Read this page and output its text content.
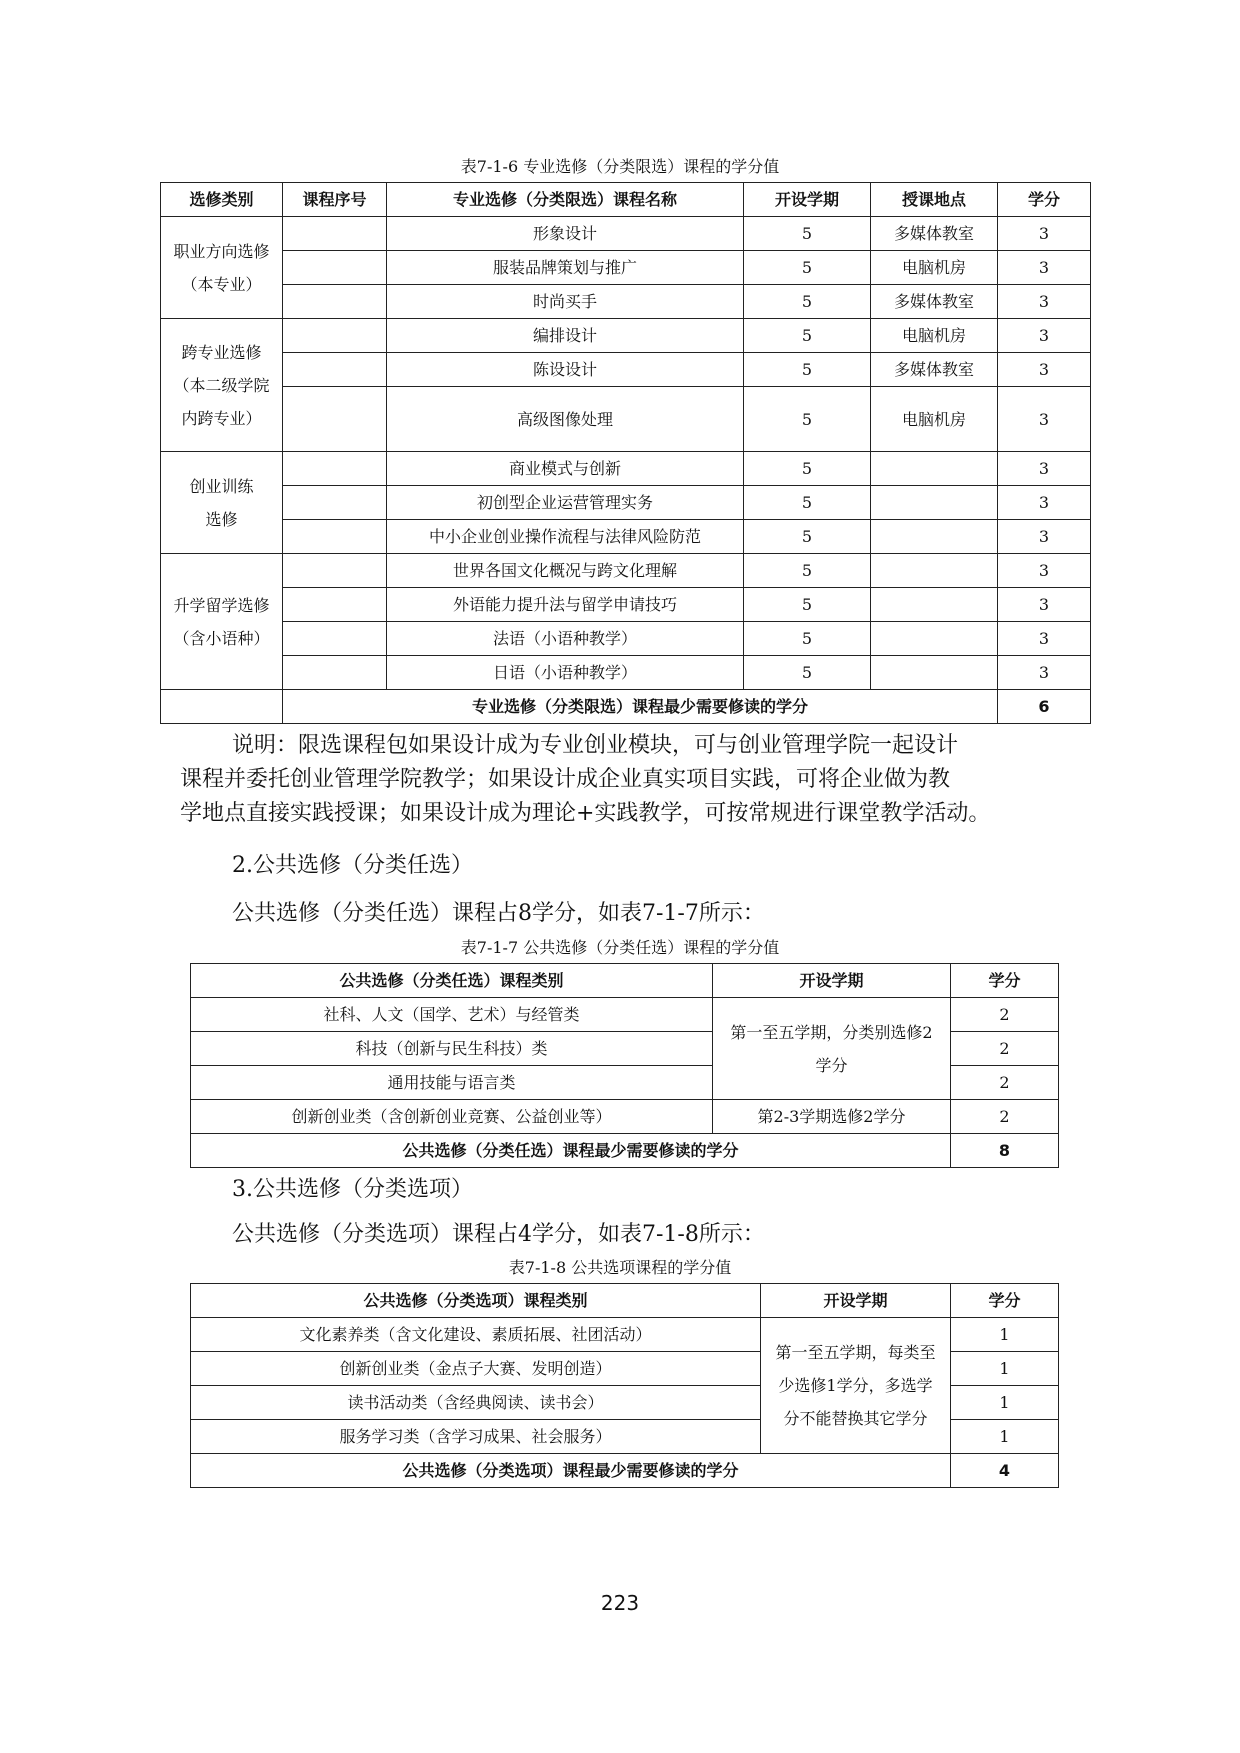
表7-1-6 专业选修（分类限选）课程的学分值
选修类别	课程序号	专业选修（分类限选）课程名称	开设学期	授课地点	学分
职业方向选修（本专业）		形象设计	5	多媒体教室	3
		服装品牌策划与推广	5	电脑机房	3
		时尚买手	5	多媒体教室	3
跨专业选修（本二级学院内跨专业）		编排设计	5	电脑机房	3
		陈设设计	5	多媒体教室	3
		高级图像处理	5	电脑机房	3
创业训练选修		商业模式与创新	5		3
		初创型企业运营管理实务	5		3
		中小企业创业操作流程与法律风险防范	5		3
升学留学选修（含小语种）		世界各国文化概况与跨文化理解	5		3
		外语能力提升法与留学申请技巧	5		3
		法语（小语种教学）	5		3
		日语（小语种教学）	5		3
	专业选修（分类限选）课程最少需要修读的学分				6
说明：限选课程包如果设计成为专业创业模块，可与创业管理学院一起设计
课程并委托创业管理学院教学；如果设计成企业真实项目实践，可将企业做为教
学地点直接实践授课；如果设计成为理论+实践教学，可按常规进行课堂教学活动。
2.公共选修（分类任选）
公共选修（分类任选）课程占8学分，如表7-1-7所示：
表7-1-7 公共选修（分类任选）课程的学分值
公共选修（分类任选）课程类别	开设学期	学分
社科、人文（国学、艺术）与经管类	第一至五学期，分类别选修2学分	2
科技（创新与民生科技）类		2
通用技能与语言类		2
创新创业类（含创新创业竞赛、公益创业等）	第2-3学期选修2学分	2
公共选修（分类任选）课程最少需要修读的学分		8
3.公共选修（分类选项）
公共选修（分类选项）课程占4学分，如表7-1-8所示：
表7-1-8 公共选项课程的学分值
公共选修（分类选项）课程类别	开设学期	学分
文化素养类（含文化建设、素质拓展、社团活动）	第一至五学期，每类至少选修1学分，多选学分不能替换其它学分	1
创新创业类（金点子大赛、发明创造）		1
读书活动类（含经典阅读、读书会）		1
服务学习类（含学习成果、社会服务）		1
公共选修（分类选项）课程最少需要修读的学分		4
223
